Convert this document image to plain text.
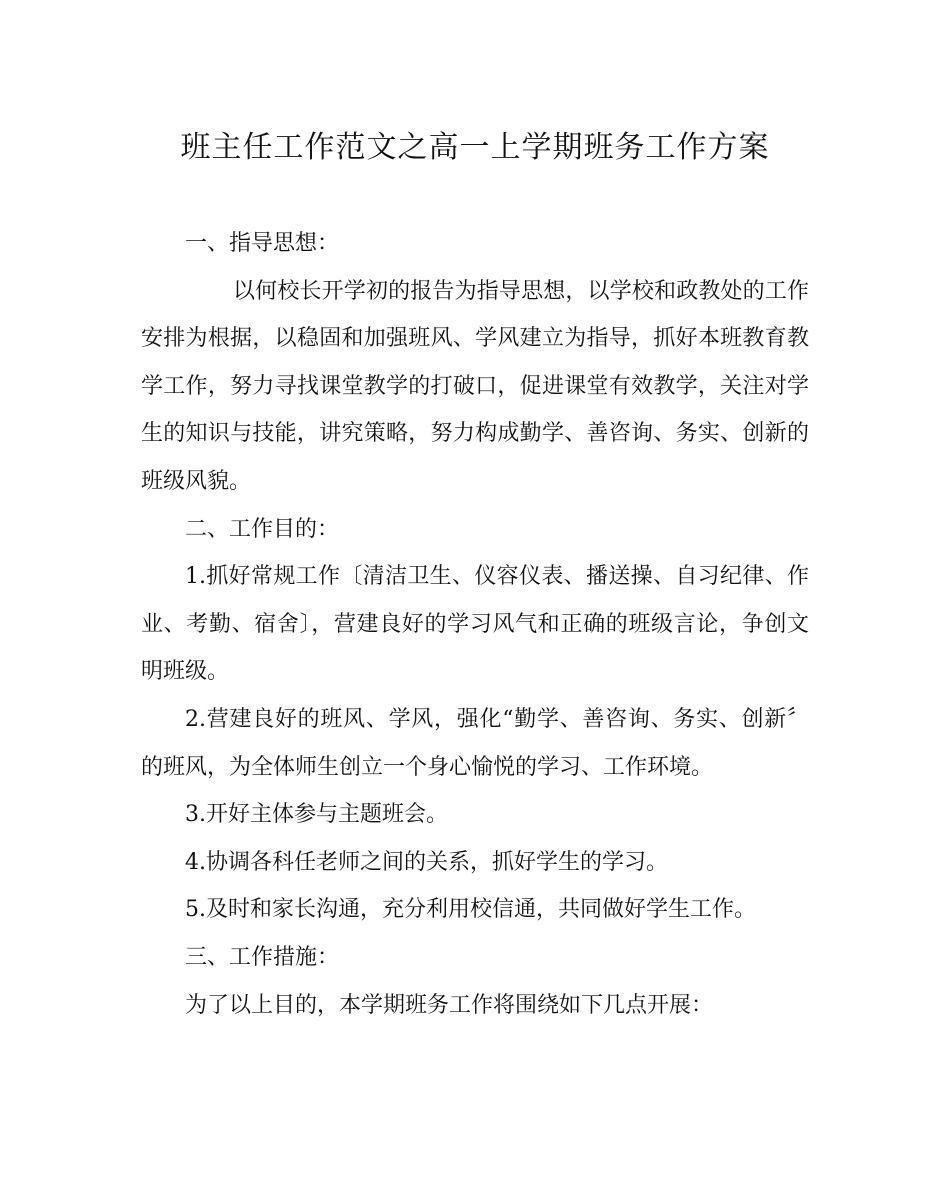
班主任工作范文之高一上学期班务工作方案

一、指导思想：

以何校长开学初的报告为指导思想，以学校和政教处的工作安排为根据，以稳固和加强班风、学风建立为指导，抓好本班教育教学工作，努力寻找课堂教学的打破口，促进课堂有效教学，关注对学生的知识与技能，讲究策略，努力构成勤学、善咨询、务实、创新的班级风貌。

二、工作目的：

1.抓好常规工作〔清洁卫生、仪容仪表、播送操、自习纪律、作业、考勤、宿舍〕，营建良好的学习风气和正确的班级言论，争创文明班级。

2.营建良好的班风、学风，强化“勤学、善咨询、务实、创新〞的班风，为全体师生创立一个身心愉悦的学习、工作环境。

3.开好主体参与主题班会。

4.协调各科任老师之间的关系，抓好学生的学习。

5.及时和家长沟通，充分利用校信通，共同做好学生工作。

三、工作措施：

为了以上目的，本学期班务工作将围绕如下几点开展：
